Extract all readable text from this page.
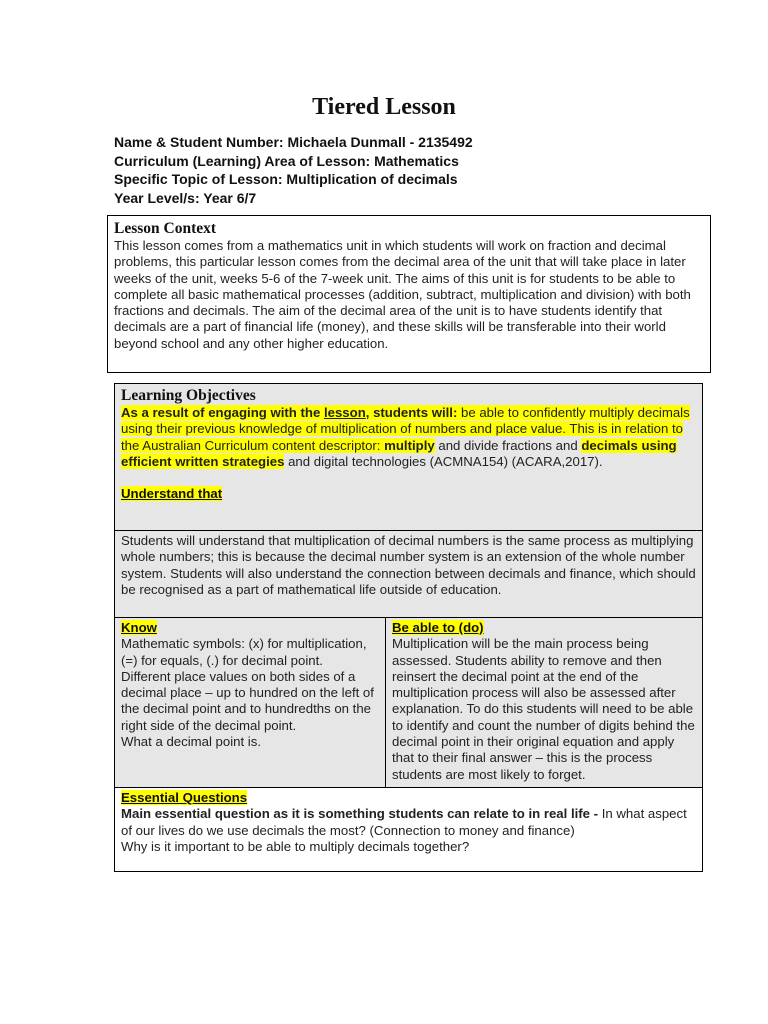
Tiered Lesson
Name & Student Number: Michaela Dunmall - 2135492
Curriculum (Learning) Area of Lesson: Mathematics
Specific Topic of Lesson: Multiplication of decimals
Year Level/s: Year 6/7
Lesson Context
This lesson comes from a mathematics unit in which students will work on fraction and decimal problems, this particular lesson comes from the decimal area of the unit that will take place in later weeks of the unit, weeks 5-6 of the 7-week unit. The aims of this unit is for students to be able to complete all basic mathematical processes (addition, subtract, multiplication and division) with both fractions and decimals. The aim of the decimal area of the unit is to have students identify that decimals are a part of financial life (money), and these skills will be transferable into their world beyond school and any other higher education.
Learning Objectives
As a result of engaging with the lesson, students will: be able to confidently multiply decimals using their previous knowledge of multiplication of numbers and place value. This is in relation to the Australian Curriculum content descriptor: multiply and divide fractions and decimals using efficient written strategies and digital technologies (ACMNA154) (ACARA,2017).
Understand that
Students will understand that multiplication of decimal numbers is the same process as multiplying whole numbers; this is because the decimal number system is an extension of the whole number system. Students will also understand the connection between decimals and finance, which should be recognised as a part of mathematical life outside of education.
Know
Mathematic symbols: (x) for multiplication, (=) for equals, (.) for decimal point.
Different place values on both sides of a decimal place – up to hundred on the left of the decimal point and to hundredths on the right side of the decimal point.
What a decimal point is.
Be able to (do)
Multiplication will be the main process being assessed. Students ability to remove and then reinsert the decimal point at the end of the multiplication process will also be assessed after explanation. To do this students will need to be able to identify and count the number of digits behind the decimal point in their original equation and apply that to their final answer – this is the process students are most likely to forget.
Essential Questions
Main essential question as it is something students can relate to in real life - In what aspect of our lives do we use decimals the most? (Connection to money and finance)
Why is it important to be able to multiply decimals together?
